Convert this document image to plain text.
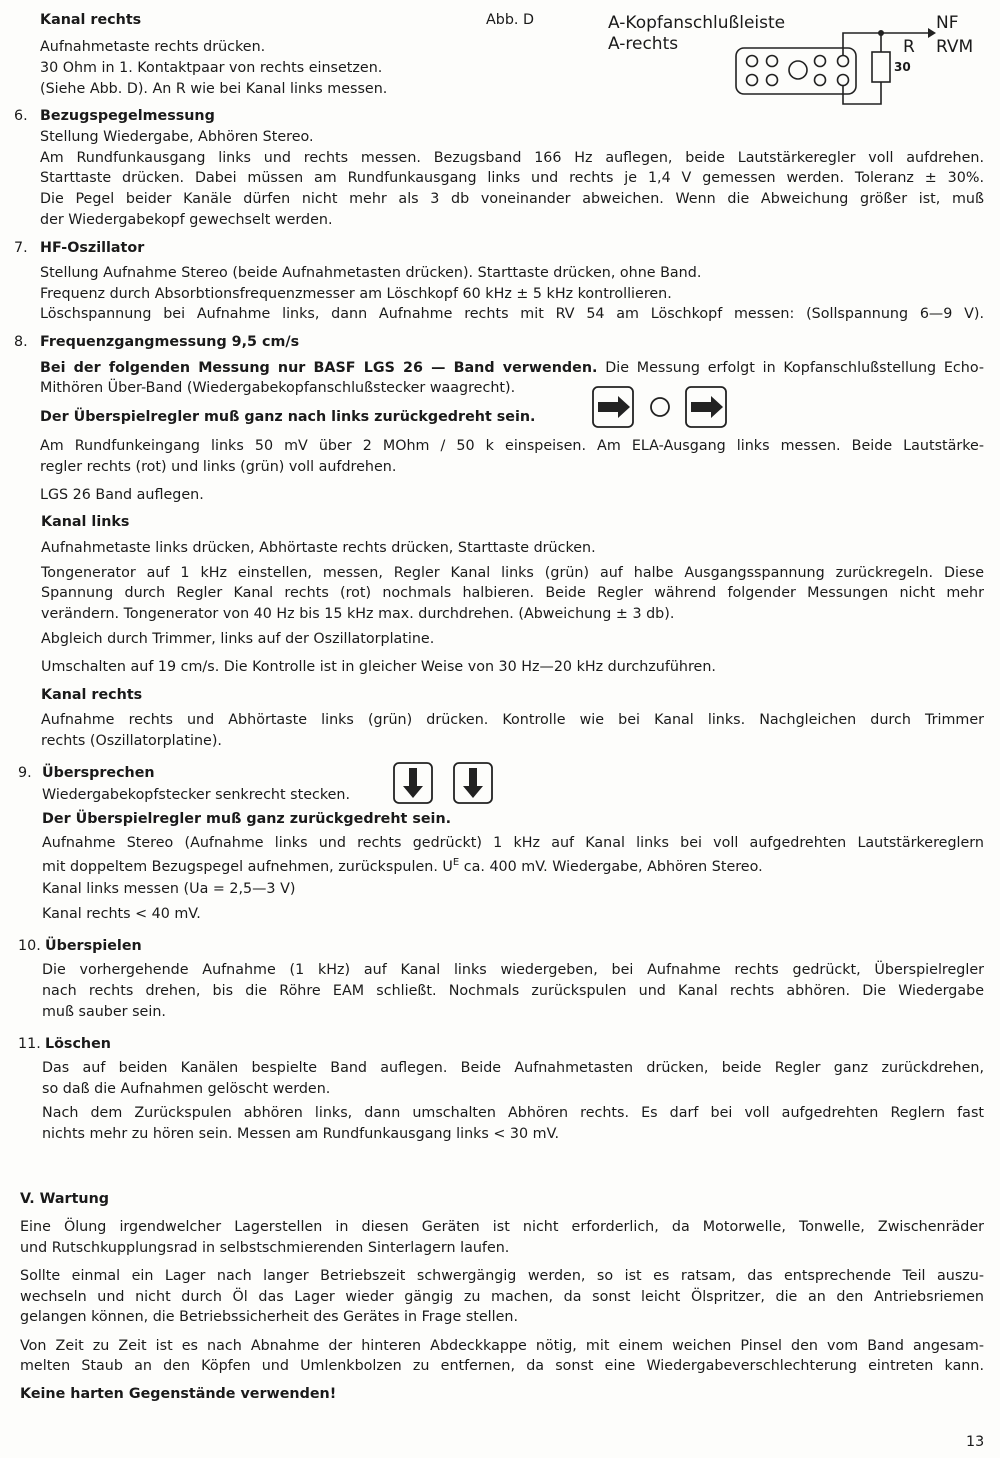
Kanal rechts
Aufnahmetaste rechts drücken.
30 Ohm in 1. Kontaktpaar von rechts einsetzen.
(Siehe Abb. D). An R wie bei Kanal links messen.
Abb. D	A-Kopfanschlußleiste
A-rechts
NF
RVM
R
30
6. Bezugspegelmessung
Stellung Wiedergabe, Abhören Stereo.
Am Rundfunkausgang links und rechts messen. Bezugsband 166 Hz auflegen, beide Lautstärkeregler voll aufdrehen.
Starttaste drücken. Dabei müssen am Rundfunkausgang links und rechts je 1,4 V gemessen werden. Toleranz ± 30%.
Die Pegel beider Kanäle dürfen nicht mehr als 3 db voneinander abweichen. Wenn die Abweichung größer ist, muß
der Wiedergabekopf gewechselt werden.
7. HF-Oszillator
Stellung Aufnahme Stereo (beide Aufnahmetasten drücken). Starttaste drücken, ohne Band.
Frequenz durch Absorbtionsfrequenzmesser am Löschkopf 60 kHz ± 5 kHz kontrollieren.
Löschspannung bei Aufnahme links, dann Aufnahme rechts mit RV 54 am Löschkopf messen: (Sollspannung 6—9 V).
8. Frequenzgangmessung 9,5 cm/s
Bei der folgenden Messung nur BASF LGS 26 — Band verwenden. Die Messung erfolgt in Kopfanschlußstellung Echo-
Mithören Über-Band (Wiedergabekopfanschlußstecker waagrecht).
Der Überspielregler muß ganz nach links zurückgedreht sein.
Am Rundfunkeingang links 50 mV über 2 MOhm / 50 k einspeisen. Am ELA-Ausgang links messen. Beide Lautstärke-
regler rechts (rot) und links (grün) voll aufdrehen.
LGS 26 Band auflegen.
Kanal links
Aufnahmetaste links drücken, Abhörtaste rechts drücken, Starttaste drücken.
Tongenerator auf 1 kHz einstellen, messen, Regler Kanal links (grün) auf halbe Ausgangsspannung zurückregeln. Diese
Spannung durch Regler Kanal rechts (rot) nochmals halbieren. Beide Regler während folgender Messungen nicht mehr
verändern. Tongenerator von 40 Hz bis 15 kHz max. durchdrehen. (Abweichung ± 3 db).
Abgleich durch Trimmer, links auf der Oszillatorplatine.
Umschalten auf 19 cm/s. Die Kontrolle ist in gleicher Weise von 30 Hz—20 kHz durchzuführen.
Kanal rechts
Aufnahme rechts und Abhörtaste links (grün) drücken. Kontrolle wie bei Kanal links. Nachgleichen durch Trimmer
rechts (Oszillatorplatine).
9. Übersprechen
Wiedergabekopfstecker senkrecht stecken.
Der Überspielregler muß ganz zurückgedreht sein.
Aufnahme Stereo (Aufnahme links und rechts gedrückt) 1 kHz auf Kanal links bei voll aufgedrehten Lautstärkereglern
mit doppeltem Bezugspegel aufnehmen, zurückspulen. $U^E$ ca. 400 mV. Wiedergabe, Abhören Stereo.
Kanal links messen (Ua = 2,5—3 V)
Kanal rechts < 40 mV.
10. Überspielen
Die vorhergehende Aufnahme (1 kHz) auf Kanal links wiedergeben, bei Aufnahme rechts gedrückt, Überspielregler
nach rechts drehen, bis die Röhre EAM schließt. Nochmals zurückspulen und Kanal rechts abhören. Die Wiedergabe
muß sauber sein.
11. Löschen
Das auf beiden Kanälen bespielte Band auflegen. Beide Aufnahmetasten drücken, beide Regler ganz zurückdrehen,
so daß die Aufnahmen gelöscht werden.
Nach dem Zurückspulen abhören links, dann umschalten Abhören rechts. Es darf bei voll aufgedrehten Reglern fast
nichts mehr zu hören sein. Messen am Rundfunkausgang links < 30 mV.
V. Wartung
Eine Ölung irgendwelcher Lagerstellen in diesen Geräten ist nicht erforderlich, da Motorwelle, Tonwelle, Zwischenräder
und Rutschkupplungsrad in selbstschmierenden Sinterlagern laufen.
Sollte einmal ein Lager nach langer Betriebszeit schwergängig werden, so ist es ratsam, das entsprechende Teil auszu-
wechseln und nicht durch Öl das Lager wieder gängig zu machen, da sonst leicht Ölspritzer, die an den Antriebsriemen
gelangen können, die Betriebssicherheit des Gerätes in Frage stellen.
Von Zeit zu Zeit ist es nach Abnahme der hinteren Abdeckkappe nötig, mit einem weichen Pinsel den vom Band angesam-
melten Staub an den Köpfen und Umlenkbolzen zu entfernen, da sonst eine Wiedergabeverschlechterung eintreten kann.
Keine harten Gegenstände verwenden!
13
